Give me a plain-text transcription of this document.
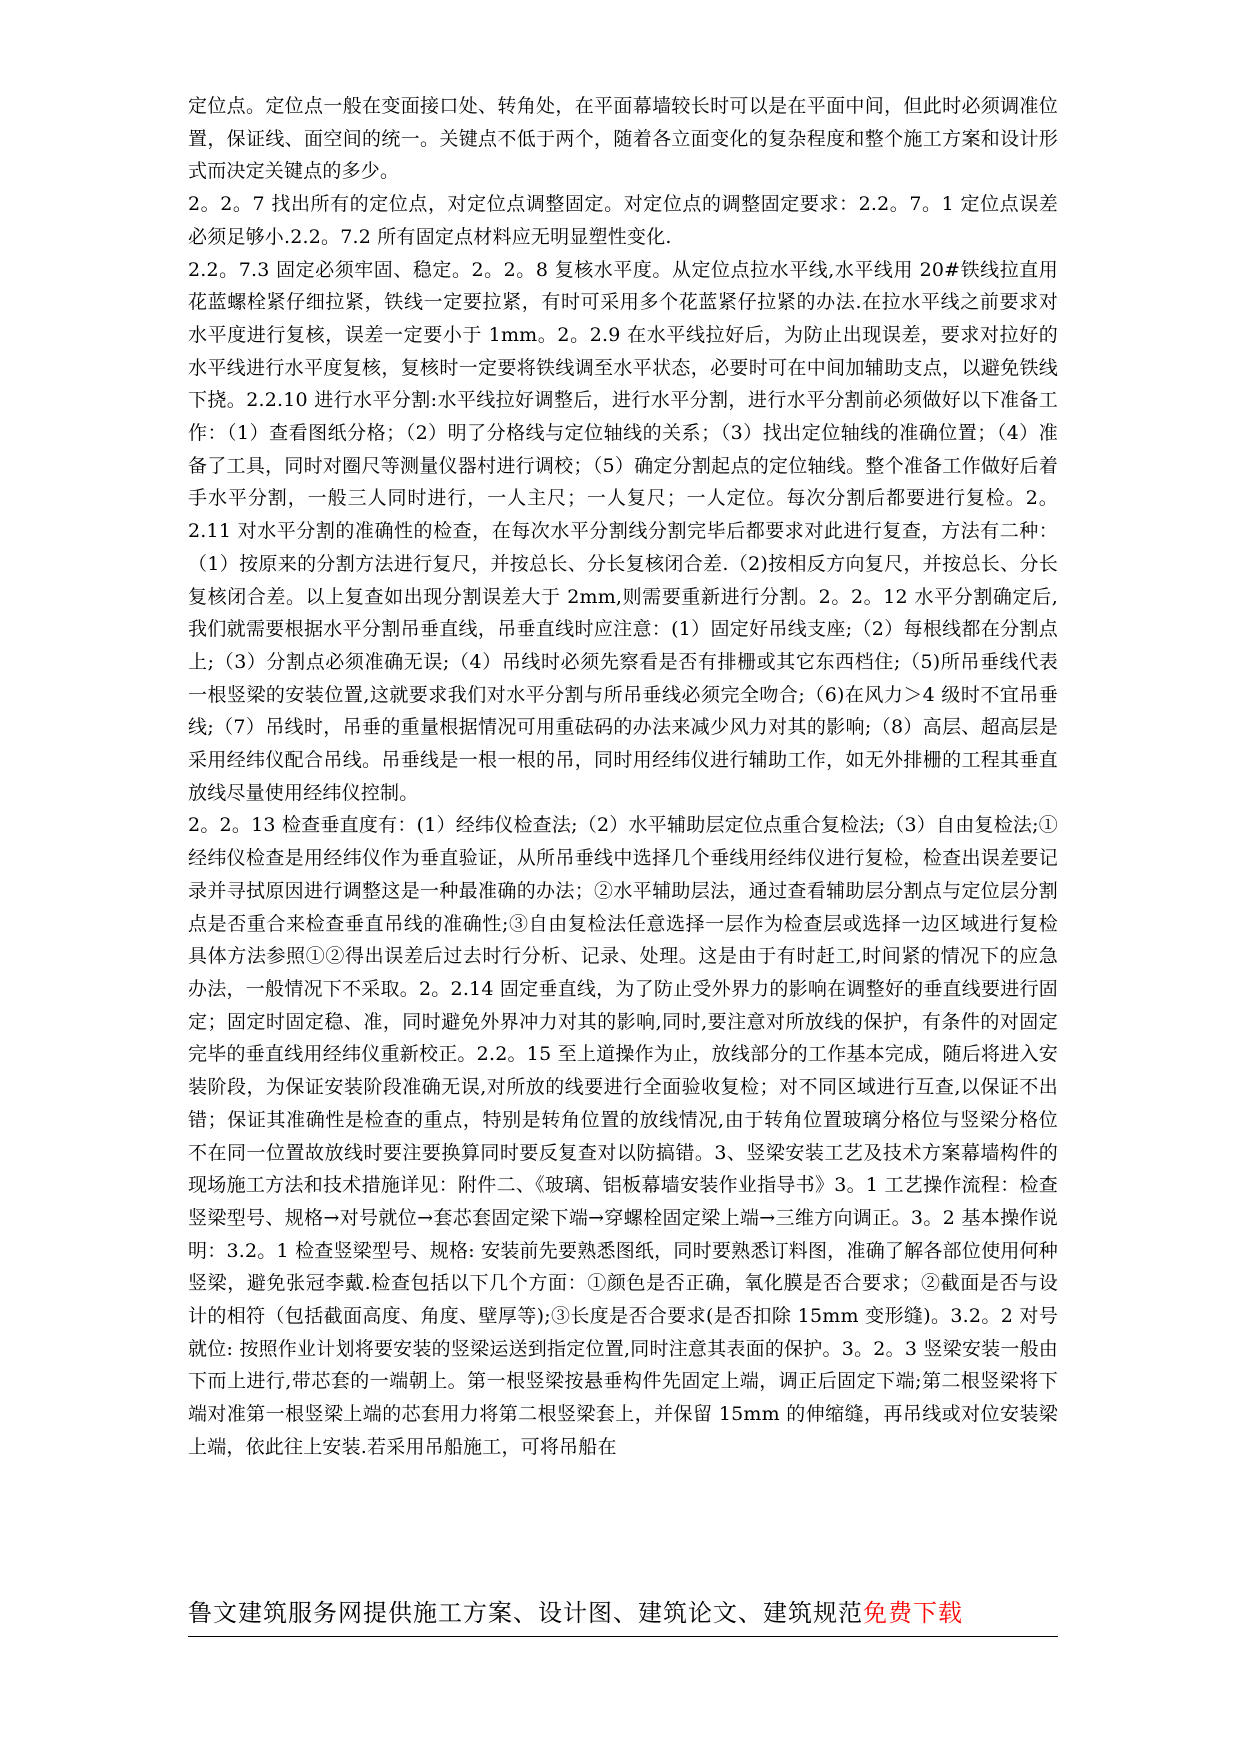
定位点。定位点一般在变面接口处、转角处，在平面幕墙较长时可以是在平面中间，但此时必须调准位置，保证线、面空间的统一。关键点不低于两个，随着各立面变化的复杂程度和整个施工方案和设计形式而决定关键点的多少。

2。2。7 找出所有的定位点，对定位点调整固定。对定位点的调整固定要求：2.2。7。1 定位点误差必须足够小.2.2。7.2 所有固定点材料应无明显塑性变化.

2.2。7.3 固定必须牢固、稳定。2。2。8 复核水平度。从定位点拉水平线,水平线用 20#铁线拉直用花蓝螺栓紧仔细拉紧，铁线一定要拉紧，有时可采用多个花蓝紧仔拉紧的办法.在拉水平线之前要求对水平度进行复核，误差一定要小于 1mm。2。2.9 在水平线拉好后，为防止出现误差，要求对拉好的水平线进行水平度复核，复核时一定要将铁线调至水平状态，必要时可在中间加辅助支点，以避免铁线下挠。2.2.10 进行水平分割:水平线拉好调整后，进行水平分割，进行水平分割前必须做好以下准备工作：（1）查看图纸分格；（2）明了分格线与定位轴线的关系；（3）找出定位轴线的准确位置；（4）准备了工具，同时对圈尺等测量仪器村进行调校；（5）确定分割起点的定位轴线。整个准备工作做好后着手水平分割，一般三人同时进行，一人主尺；一人复尺；一人定位。每次分割后都要进行复检。2。2.11 对水平分割的准确性的检查，在每次水平分割线分割完毕后都要求对此进行复查，方法有二种：（1）按原来的分割方法进行复尺，并按总长、分长复核闭合差.（2)按相反方向复尺，并按总长、分长复核闭合差。以上复查如出现分割误差大于 2mm,则需要重新进行分割。2。2。12 水平分割确定后,我们就需要根据水平分割吊垂直线，吊垂直线时应注意：(1）固定好吊线支座;（2）每根线都在分割点上;（3）分割点必须准确无误;（4）吊线时必须先察看是否有排栅或其它东西档住;（5)所吊垂线代表一根竖梁的安装位置,这就要求我们对水平分割与所吊垂线必须完全吻合;（6)在风力＞4 级时不宜吊垂线;（7）吊线时，吊垂的重量根据情况可用重砝码的办法来减少风力对其的影响;（8）高层、超高层是采用经纬仪配合吊线。吊垂线是一根一根的吊，同时用经纬仪进行辅助工作，如无外排栅的工程其垂直放线尽量使用经纬仪控制。

2。2。13 检查垂直度有：(1）经纬仪检查法;（2）水平辅助层定位点重合复检法;（3）自由复检法;①经纬仪检查是用经纬仪作为垂直验证，从所吊垂线中选择几个垂线用经纬仪进行复检，检查出误差要记录并寻拭原因进行调整这是一种最准确的办法；②水平辅助层法，通过查看辅助层分割点与定位层分割点是否重合来检查垂直吊线的准确性;③自由复检法任意选择一层作为检查层或选择一边区域进行复检具体方法参照①②得出误差后过去时行分析、记录、处理。这是由于有时赶工,时间紧的情况下的应急办法，一般情况下不采取。2。2.14 固定垂直线，为了防止受外界力的影响在调整好的垂直线要进行固定；固定时固定稳、准，同时避免外界冲力对其的影响,同时,要注意对所放线的保护，有条件的对固定完毕的垂直线用经纬仪重新校正。2.2。15 至上道操作为止，放线部分的工作基本完成，随后将进入安装阶段，为保证安装阶段准确无误,对所放的线要进行全面验收复检；对不同区域进行互查,以保证不出错；保证其准确性是检查的重点，特别是转角位置的放线情况,由于转角位置玻璃分格位与竖梁分格位不在同一位置故放线时要注要换算同时要反复查对以防搞错。3、竖梁安装工艺及技术方案幕墙构件的现场施工方法和技术措施详见：附件二、《玻璃、铝板幕墙安装作业指导书》3。1 工艺操作流程：检查竖梁型号、规格→对号就位→套芯套固定梁下端→穿螺栓固定梁上端→三维方向调正。3。2 基本操作说明：3.2。1 检查竖梁型号、规格: 安装前先要熟悉图纸，同时要熟悉订料图，准确了解各部位使用何种竖梁，避免张冠李戴.检查包括以下几个方面：①颜色是否正确，氧化膜是否合要求；②截面是否与设计的相符（包括截面高度、角度、壁厚等);③长度是否合要求(是否扣除 15mm 变形缝)。3.2。2 对号就位: 按照作业计划将要安装的竖梁运送到指定位置,同时注意其表面的保护。3。2。3 竖梁安装一般由下而上进行,带芯套的一端朝上。第一根竖梁按悬垂构件先固定上端，调正后固定下端;第二根竖梁将下端对准第一根竖梁上端的芯套用力将第二根竖梁套上，并保留 15mm 的伸缩缝，再吊线或对位安装梁上端，依此往上安装.若采用吊船施工，可将吊船在

鲁文建筑服务网提供施工方案、设计图、建筑论文、建筑规范免费下载
